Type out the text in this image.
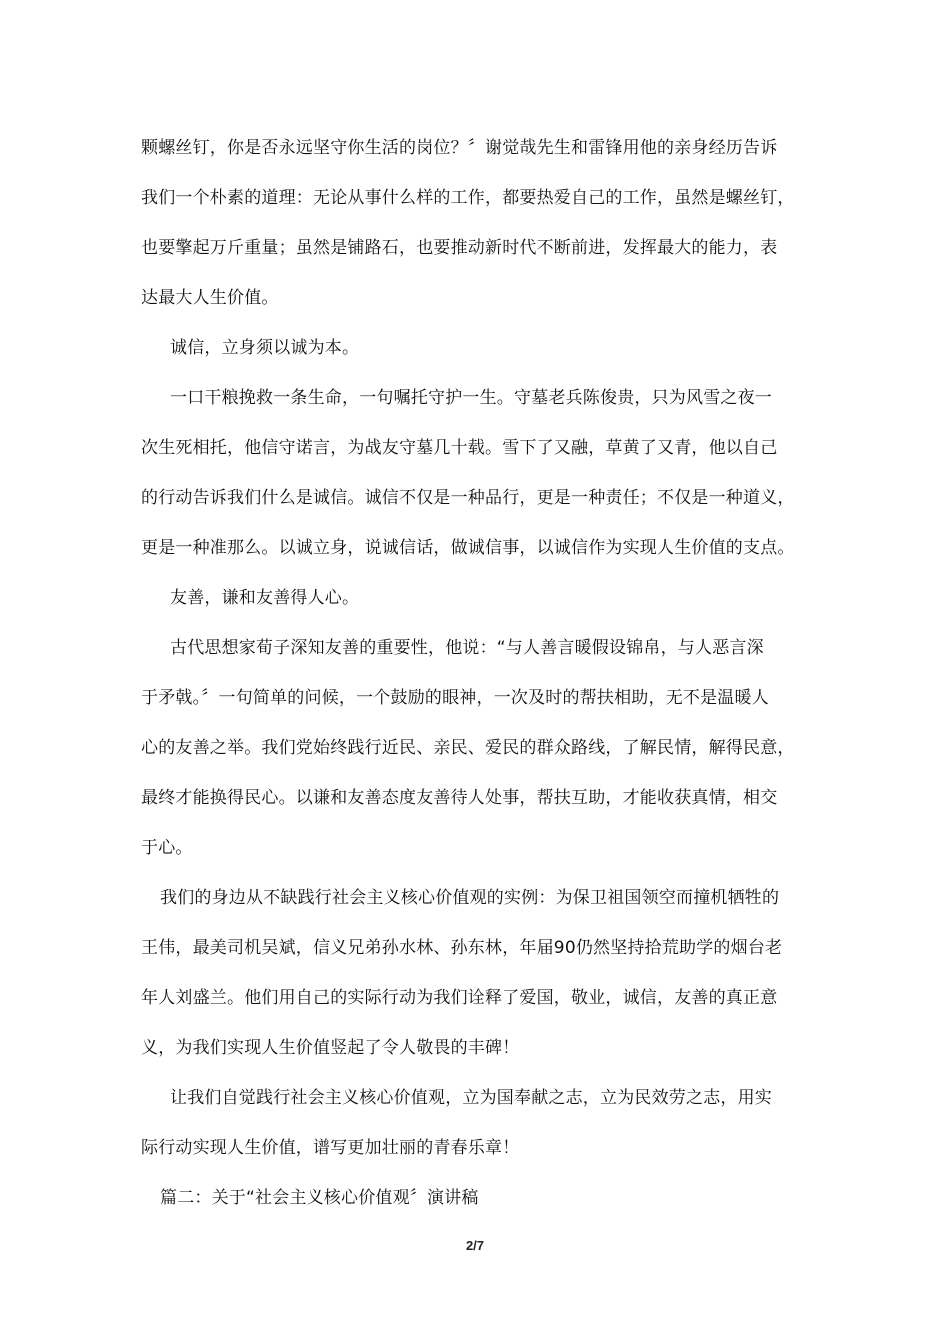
颗螺丝钉，你是否永远坚守你生活的岗位？〞谢觉哉先生和雷锋用他的亲身经历告诉
我们一个朴素的道理：无论从事什么样的工作，都要热爱自己的工作，虽然是螺丝钉，
也要擎起万斤重量；虽然是铺路石，也要推动新时代不断前进，发挥最大的能力，表
达最大人生价值。
诚信，立身须以诚为本。
一口干粮挽救一条生命，一句嘱托守护一生。守墓老兵陈俊贵，只为风雪之夜一
次生死相托，他信守诺言，为战友守墓几十载。雪下了又融，草黄了又青，他以自己
的行动告诉我们什么是诚信。诚信不仅是一种品行，更是一种责任；不仅是一种道义，
更是一种准那么。以诚立身，说诚信话，做诚信事，以诚信作为实现人生价值的支点。
友善，谦和友善得人心。
古代思想家荀子深知友善的重要性，他说：“与人善言暖假设锦帛，与人恶言深
于矛戟。〞一句简单的问候，一个鼓励的眼神，一次及时的帮扶相助，无不是温暖人
心的友善之举。我们党始终践行近民、亲民、爱民的群众路线，了解民情，解得民意，
最终才能换得民心。以谦和友善态度友善待人处事，帮扶互助，才能收获真情，相交
于心。
我们的身边从不缺践行社会主义核心价值观的实例：为保卫祖国领空而撞机牺牲的
王伟，最美司机吴斌，信义兄弟孙水林、孙东林，年届90仍然坚持拾荒助学的烟台老
年人刘盛兰。他们用自己的实际行动为我们诠释了爱国，敬业，诚信，友善的真正意
义，为我们实现人生价值竖起了令人敬畏的丰碑！
让我们自觉践行社会主义核心价值观，立为国奉献之志，立为民效劳之志，用实
际行动实现人生价值，谱写更加壮丽的青春乐章！
篇二：关于“社会主义核心价值观〞演讲稿
2/7
